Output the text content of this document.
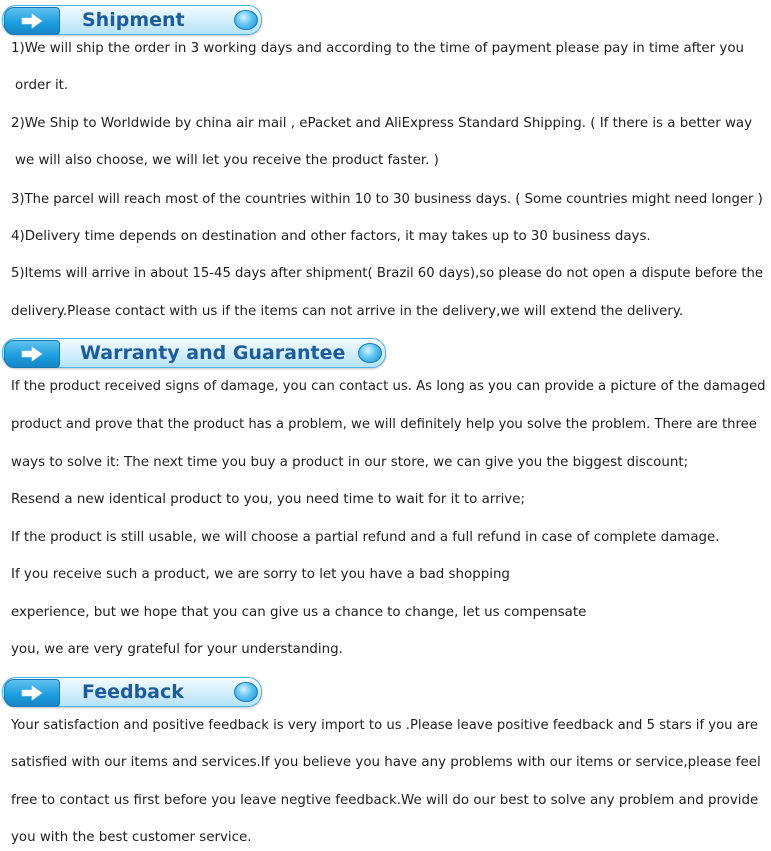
Shipment
1)We will ship the order in 3 working days and according to the time of payment please pay in time after you
order it.
2)We Ship to Worldwide by china air mail , ePacket and AliExpress Standard Shipping. ( If there is a better way
we will also choose, we will let you receive the product faster. )
3)The parcel will reach most of the countries within 10 to 30 business days. ( Some countries might need longer )
4)Delivery time depends on destination and other factors, it may takes up to 30 business days.
5)Items will arrive in about 15-45 days after shipment( Brazil 60 days),so please do not open a dispute before the
delivery.Please contact with us if the items can not arrive in the delivery,we will extend the delivery.
Warranty and Guarantee
If the product received signs of damage, you can contact us. As long as you can provide a picture of the damaged
product and prove that the product has a problem, we will definitely help you solve the problem. There are three
ways to solve it: The next time you buy a product in our store, we can give you the biggest discount;
Resend a new identical product to you, you need time to wait for it to arrive;
If the product is still usable, we will choose a partial refund and a full refund in case of complete damage.
If you receive such a product, we are sorry to let you have a bad shopping
experience, but we hope that you can give us a chance to change, let us compensate
you, we are very grateful for your understanding.
Feedback
Your satisfaction and positive feedback is very import to us .Please leave positive feedback and 5 stars if you are
satisfied with our items and services.If you believe you have any problems with our items or service,please feel
free to contact us first before you leave negtive feedback.We will do our best to solve any problem and provide
you with the best customer service.
